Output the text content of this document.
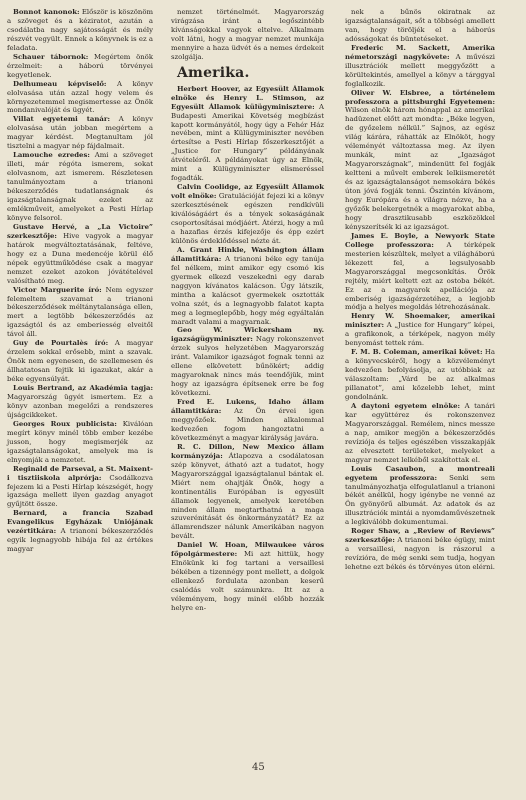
Bonnot kanonok: Először is köszönöm a szöveget és a kéziratot, azután a csodálatba nagy sajátosságát és mély részvét vegyült. Ennek a könyvnek is ez a feladata.

Schauer tábornok: Megértem önök érzelmeit: a háború törvényei kegyetlenek.

Delhumeau képviselő: A könyv elolvasása után azzal hogy velem és környezetemmel megismertesse az Önök mondanivalóját és ügyét.

Villat egyetemi tanár: A könyv elolvasása után jobban megértem a magyar kérdést. Megtanultam jól tisztelni a magyar nép fájdalmait.

Lamouche ezredes: Ami a szöveget illeti, már régóta ismerem, sokat elolvasnom, azt ismerem. Részletesen tanulmányoztam a trianoni békeszerződés tudatlanságnak és igazságtalanságnak ezeket az emlékműveit, amelyeket a Pesti Hírlap könyve felsorol.

Gustave Hervé, a „La Victoire” szerkesztője: Hive vagyok a magyar határok megváltoztatásának, feltéve, hogy ez a Duna medencéje körül élő népek együttműködése csak a magyar nemzet ezeket azokon jóvátételével valósítható meg.

Victor Marguerite író: Nem egyszer felemeltem szavamat a trianoni békeszerződések méltánytalansága ellen, mert a legtöbb békeszerződés az igazságtól és az emberiesség elveitől távol áll.

Guy de Pourtalès író: A magyar érzelem sokkal erősebb, mint a szavak. Önök nem egyenesen, de szellemesen és állhatatosan fejtik ki igazukat, akár a béke egyensúlyát.

Louis Bertrand, az Akadémia tagja: Magyarország ügyét ismertem. Ez a könyv azonban megelőzi a rendszeres újságcikkeket.

Georges Roux publicista: Kiválóan megírt könyv minél több ember kezébe jusson, hogy megismerjék az igazságtalanságokat, amelyek ma is elnyomják a nemzetet.

Reginald de Parseval, a St. Maixent-i tisztiiskola alprórja: Csodálkozva fejezem ki a Pesti Hírlap készségét, hogy igazsága mellett ilyen gazdag anyagot gyűjtött össze.

Bernard, a francia Szabad Evangelikus Egyházak Uniójának vezértitkára: A trianoni békeszerződés egyik legnagyobb hibája fel az értékes magyar

nemzet történelmét. Magyarország virágzása iránt a legőszintébb kívánságokkal vagyok eltelve. Alkalmam volt látni, hogy a magyar nemzet munkája mennyire a haza üdvét és a nemes érdekeit szolgálja.

Amerika.

Herbert Hoover, az Egyesült Államok elnöke és Henry L. Stimson, az Egyesült Államok külügyminisztere: A Budapesti Amerikai Követség megbízást kapott kormányától, hogy úgy a Fehér Ház nevében, mint a Külügyminiszter nevében értesítse a Pesti Hírlap főszerkesztőjét a „Justice for Hungary” példányának átvételéről. A példányokat úgy az Elnök, mint a Külügyminiszter elismeréssel fogadták.

Calvin Coolidge, az Egyesült Államok volt elnöke: Gratulációját fejezi ki a könyv szerkesztésének egészen rendkívüli kiválóságáért és a tények sokaságának csoportosításai módjáért. Átérzi, hogy a mű a hazafias érzés kifejezője és épp ezért különös érdeklődéssel nézte át.

A. Grant Hinkle, Washington állam államtitkára: A trianoni béke egy tanúja fel nélkem, mint amikor egy csomó kis gyermek elkezd veszekedni egy darab naggyon kívánatos kalácson. Úgy látszik, mintha a kalácsot gyermekek osztották volna szét, és a legnagyobb falatot kapta meg a legmeglepőbb, hogy még egyáltalán maradt valami a magyarnak.

Geo W. Wickersham ny. igazságügyminiszter: Nagy rokonszenvet érzek sulyos helyzetében Magyarország iránt. Valamikor igazságot fognak tenni az ellene elkövetett bűnökért; addig magyaroknak nincs más teendőjük, mint hogy az igazságra építsenek erre be fog következni.

Fred E. Lukens, Idaho állam államtitkára: Az Ön érvei igen meggyőzőek. Minden alkalommal kedvezően fogom hangoztatni a következményt a magyar királyság javára.

R. C. Dillon, New Mexico állam kormányzója: Átlapozva a csodálatosan szép könyvet, átható azt a tudatot, hogy Magyarországgal igazságtalanul bántak el. Miért nem ohajtják Önök, hogy a kontinentális Európában is egyesült államok legyenek, amelyek keretében minden állam megtarthatná a maga szuverénitását és önkormányzatát? Ez az államrendszer nálunk Amerikában nagyon bevált.

Daniel W. Hoan, Milwaukee város főpolgármestere: Mi azt hittük, hogy Elnökünk ki fog tartani a versaillesi békében a tizennégy pont mellett, a dolgok ellenkező fordulata azonban keserű csalódás volt számunkra. Itt az a véleményem, hogy minél előbb hozzák helyre en-

nek a bűnös okiratnak az igazságtalanságait, sőt a többségi amellett van, hogy töröljék el a háborús adósságokat és büntetéseket.

Frederic M. Sackett, Amerika németországi nagykövete: A művészi illusztrációk mellett meggyőzött a körültekintés, amellyel a könyv a tárggyal foglalkozik.

Oliver W. Elsbree, a történelem professzora a pittsburghi Egyetemen: Wilson elnök három hónappal az amerikai hadüzenet előtt azt mondta: „Béke legyen, de győzelem nélkül.” Sajnos, az egész világ kárára, ráhatták az Elnököt, hogy véleményét változtassa meg. Az ilyen munkák, mint az „Igazságot Magyarországnak”, mindenütt fel fogják keltteni a művelt emberek lelkiismeretét és az igazságtalanságot nemsokára békés úton jóvá fogják tenni. Őszintén kívánom, hogy Európára és a világra nézve, ha a győzők belekergetnék a magyarokat abba, hogy drasztikusabb eszközökkel kényszerítsék ki az igazságot.

James E. Boyle, a Newyork State College professzora: A térképek mesterien készültek, melyet a világháború lékezett fel, a legsulyosabb Magyarországgal megcsonkítás. Örök rejtély, miért keltett ezt az ostoba békét. Ez az a magyarok apellációja az emberiség igazságérzetéhez, a legjobb módja a helyes megoldás létrehozásának.

Henry W. Shoemaker, amerikai miniszter: A „Justice for Hungary” képei, a grafikonok, a térképek, nagyon mély benyomást tettek rám.

F. M. B. Coleman, amerikai követ: Ha a könyvecskéről, hogy a közvéleményt kedvezően befolyásolja, az utóbbiak az válaszoltam: „Várd be az alkalmas pillanatot”, ami közelebb lehet, mint gondolnánk.

A daytoni egyetem elnöke: A tanári kar együttérez és rokonszenvez Magyarországgal. Remélem, nincs messze a nap, amikor megjön a békeszerződés revíziója és teljes egészében visszakapják az elvesztett területeket, melyeket a magyar nemzet lelkéből szakítottak el.

Louis Casaubon, a montreali egyetem professzora: Senki sem tanulmányozhatja elfogulatlanul a trianoni békét anélkül, hogy igénybe ne venné az Ön gyönyörű albumát. Az adatok és az illusztrációk mintái a nyomdaművészetnek a legkiválóbb dokumentumai.

Roger Shaw, a „Review of Reviews” szerkesztője: A trianoni béke égügy, mint a versaillesi, nagyon is rászorul a revízióra, de még senki sem tudja, hogyan lehetne ezt békés és törvényes úton elérni.

45
